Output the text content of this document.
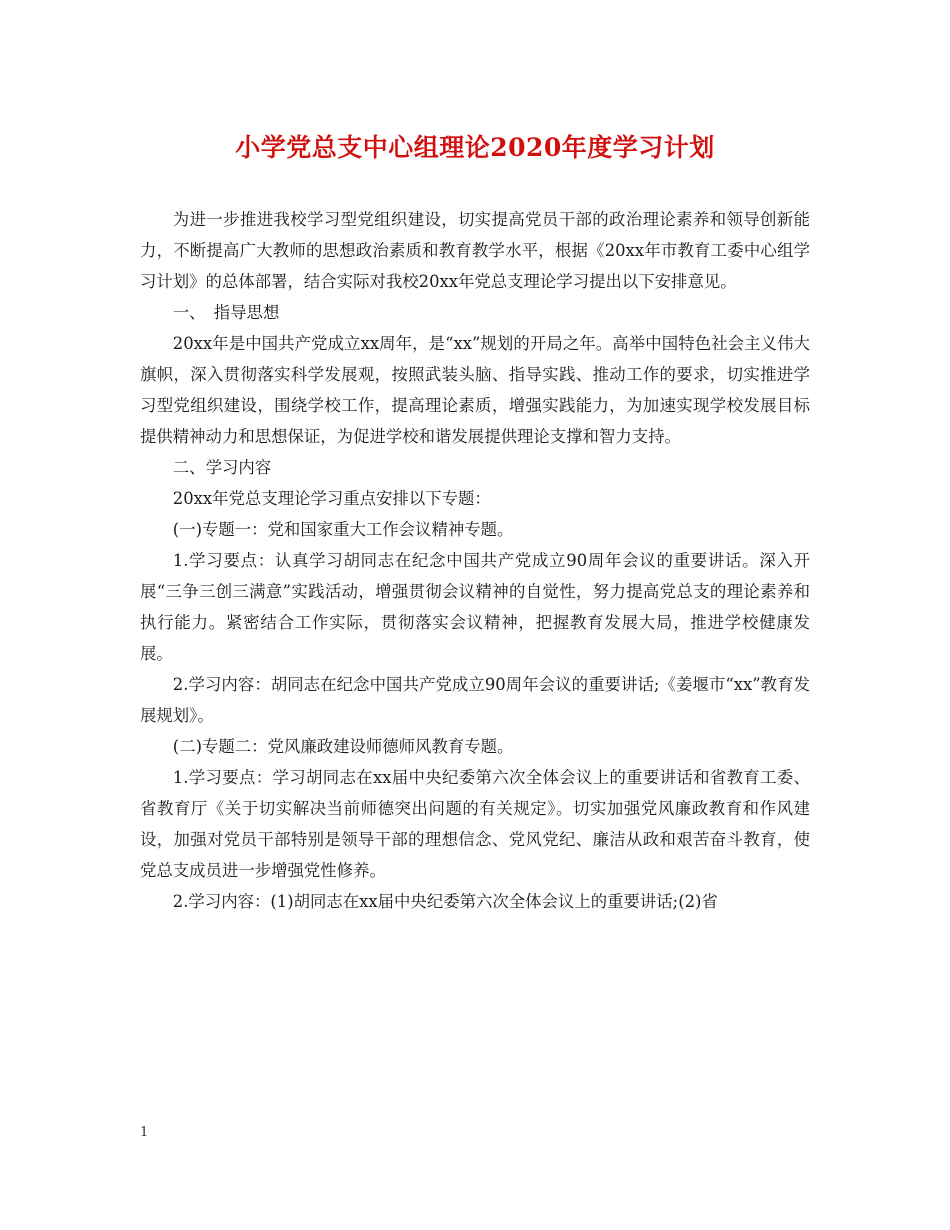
小学党总支中心组理论2020年度学习计划

为进一步推进我校学习型党组织建设，切实提高党员干部的政治理论素养和领导创新能力，不断提高广大教师的思想政治素质和教育教学水平，根据《20xx年市教育工委中心组学习计划》的总体部署，结合实际对我校20xx年党总支理论学习提出以下安排意见。

一、　指导思想

20xx年是中国共产党成立xx周年，是“xx”规划的开局之年。高举中国特色社会主义伟大旗帜，深入贯彻落实科学发展观，按照武装头脑、指导实践、推动工作的要求，切实推进学习型党组织建设，围绕学校工作，提高理论素质，增强实践能力，为加速实现学校发展目标提供精神动力和思想保证，为促进学校和谐发展提供理论支撑和智力支持。

二、学习内容

20xx年党总支理论学习重点安排以下专题：

(一)专题一：党和国家重大工作会议精神专题。

1.学习要点：认真学习胡同志在纪念中国共产党成立90周年会议的重要讲话。深入开展“三争三创三满意”实践活动，增强贯彻会议精神的自觉性，努力提高党总支的理论素养和执行能力。紧密结合工作实际，贯彻落实会议精神，把握教育发展大局，推进学校健康发展。

2.学习内容：胡同志在纪念中国共产党成立90周年会议的重要讲话;《姜堰市“xx”教育发展规划》。

(二)专题二：党风廉政建设师德师风教育专题。

1.学习要点：学习胡同志在xx届中央纪委第六次全体会议上的重要讲话和省教育工委、省教育厅《关于切实解决当前师德突出问题的有关规定》。切实加强党风廉政教育和作风建设，加强对党员干部特别是领导干部的理想信念、党风党纪、廉洁从政和艰苦奋斗教育，使党总支成员进一步增强党性修养。

2.学习内容：(1)胡同志在xx届中央纪委第六次全体会议上的重要讲话;(2)省

1
